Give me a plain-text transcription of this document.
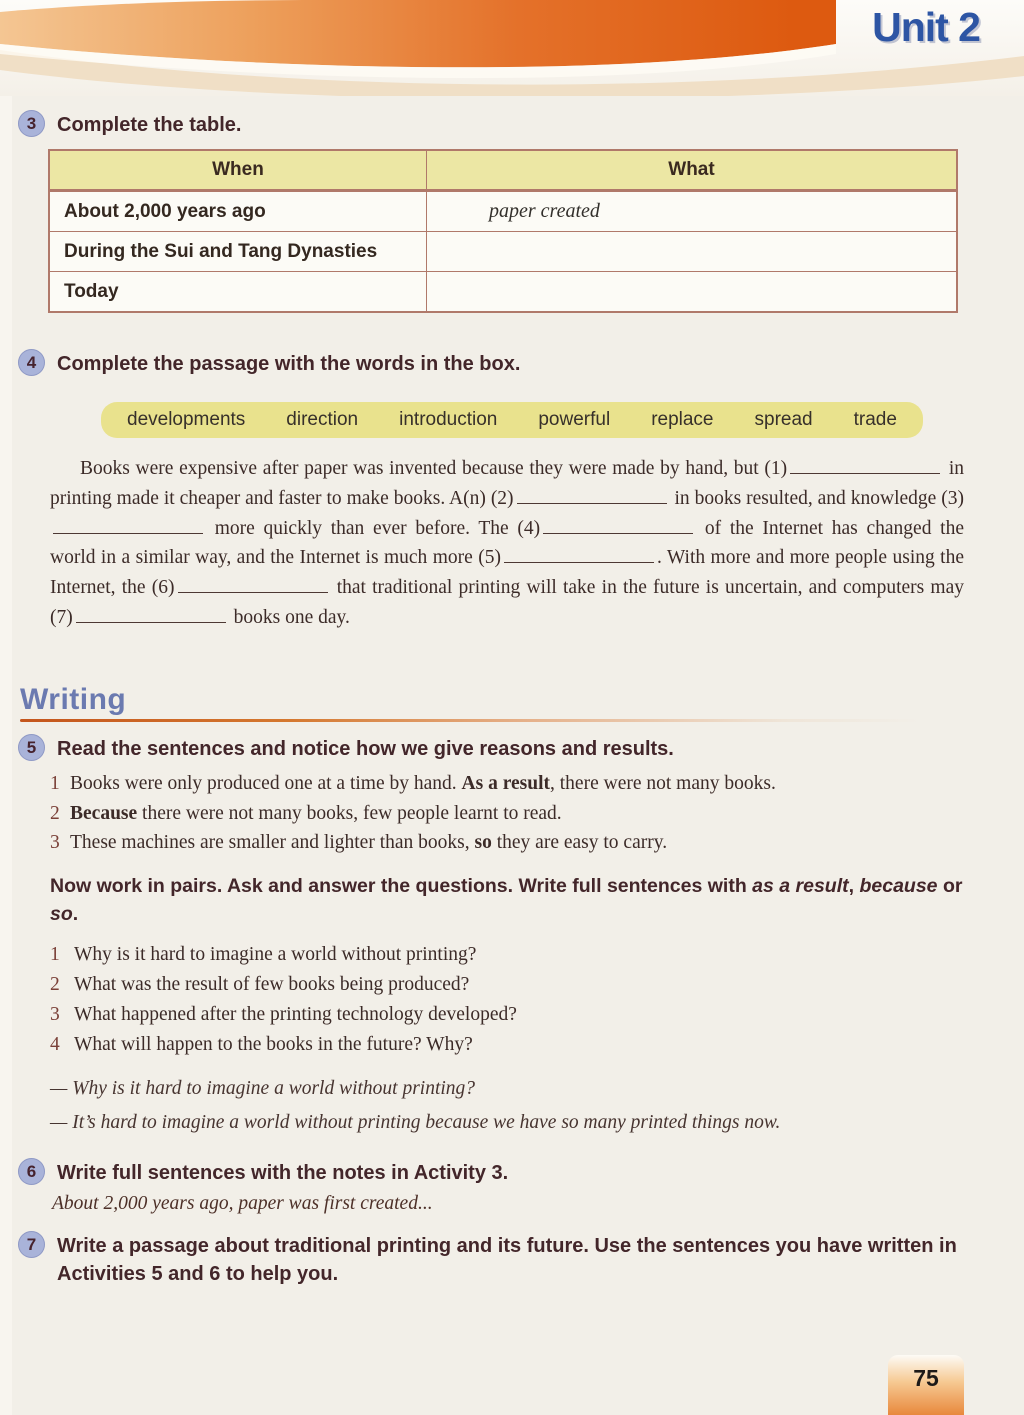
Unit 2
3	Complete the table.
When	What
About 2,000 years ago	paper created
During the Sui and Tang Dynasties
Today
4	Complete the passage with the words in the box.
developments direction introduction powerful replace spread trade

Books were expensive after paper was invented because they were made by hand, but (1)	in printing made it cheaper and faster to make books. A(n) (2)	in books resulted, and knowledge (3) more quickly than ever before. The (4)	of the Internet has changed the world in a similar way, and the Internet is much more (5)	. With more and more people using the Internet, the (6)	that traditional printing will take in the future is uncertain, and computers may (7)	books one day.

Writing
5	Read the sentences and notice how we give reasons and results.
1 Books were only produced one at a time by hand. As a result, there were not many books.
2 Because there were not many books, few people learnt to read.
3 These machines are smaller and lighter than books, so they are easy to carry.

Now work in pairs. Ask and answer the questions. Write full sentences with as a result, because or so.

1 Why is it hard to imagine a world without printing?
2 What was the result of few books being produced?
3 What happened after the printing technology developed?
4 What will happen to the books in the future? Why?
— Why is it hard to imagine a world without printing?
— It’s hard to imagine a world without printing because we have so many printed things now.
6	Write full sentences with the notes in Activity 3.
About 2,000 years ago, paper was first created...
7	Write a passage about traditional printing and its future. Use the sentences you have written in Activities 5 and 6 to help you.
75
